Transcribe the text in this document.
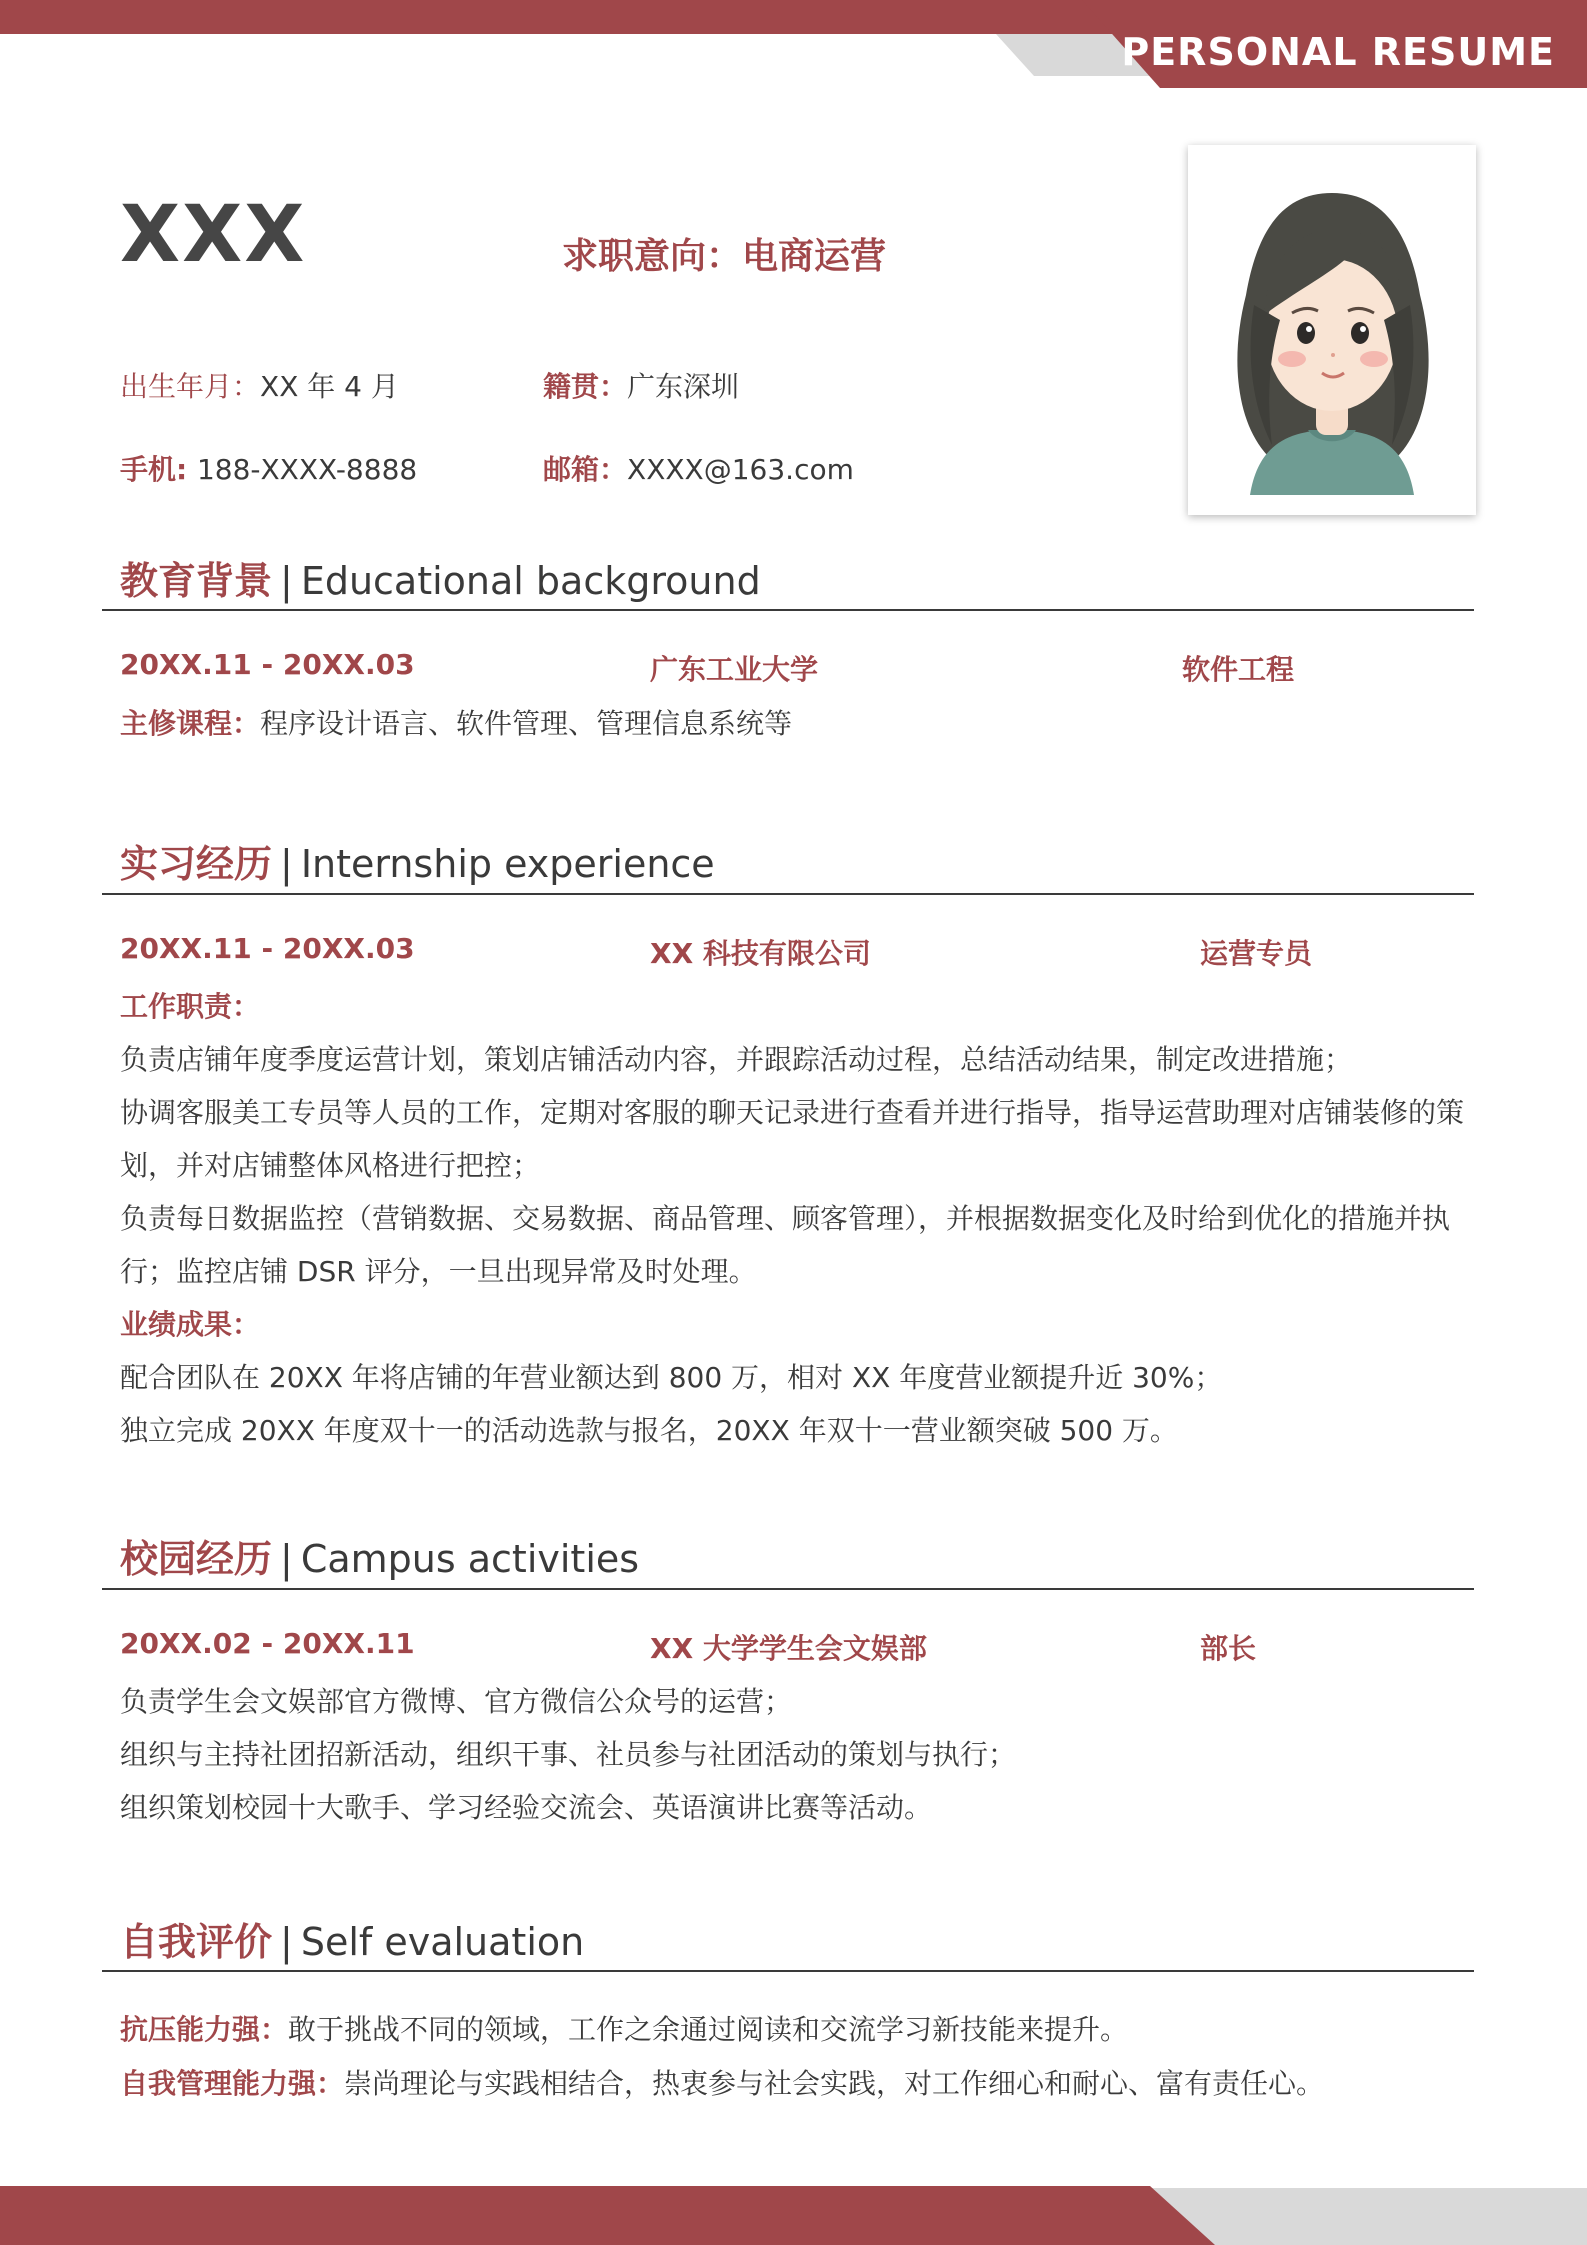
PERSONAL RESUME
XXX	求职意向：电商运营
出生年月：XX 年 4 月	籍贯：广东深圳
手机: 188-XXXX-8888	邮箱：XXXX@163.com
教育背景 | Educational background
20XX.11 - 20XX.03	广东工业大学	软件工程
主修课程：程序设计语言、软件管理、管理信息系统等
实习经历 | Internship experience
20XX.11 - 20XX.03	XX 科技有限公司	运营专员
工作职责：
负责店铺年度季度运营计划，策划店铺活动内容，并跟踪活动过程，总结活动结果，制定改进措施；
协调客服美工专员等人员的工作，定期对客服的聊天记录进行查看并进行指导，指导运营助理对店铺装修的策
划，并对店铺整体风格进行把控；
负责每日数据监控（营销数据、交易数据、商品管理、顾客管理），并根据数据变化及时给到优化的措施并执
行；监控店铺 DSR 评分，一旦出现异常及时处理。
业绩成果：
配合团队在 20XX 年将店铺的年营业额达到 800 万，相对 XX 年度营业额提升近 30%；
独立完成 20XX 年度双十一的活动选款与报名，20XX 年双十一营业额突破 500 万。
校园经历 | Campus activities
20XX.02 - 20XX.11	XX 大学学生会文娱部	部长
负责学生会文娱部官方微博、官方微信公众号的运营；
组织与主持社团招新活动，组织干事、社员参与社团活动的策划与执行；
组织策划校园十大歌手、学习经验交流会、英语演讲比赛等活动。
自我评价 | Self evaluation
抗压能力强：敢于挑战不同的领域，工作之余通过阅读和交流学习新技能来提升。
自我管理能力强：崇尚理论与实践相结合，热衷参与社会实践，对工作细心和耐心、富有责任心。
